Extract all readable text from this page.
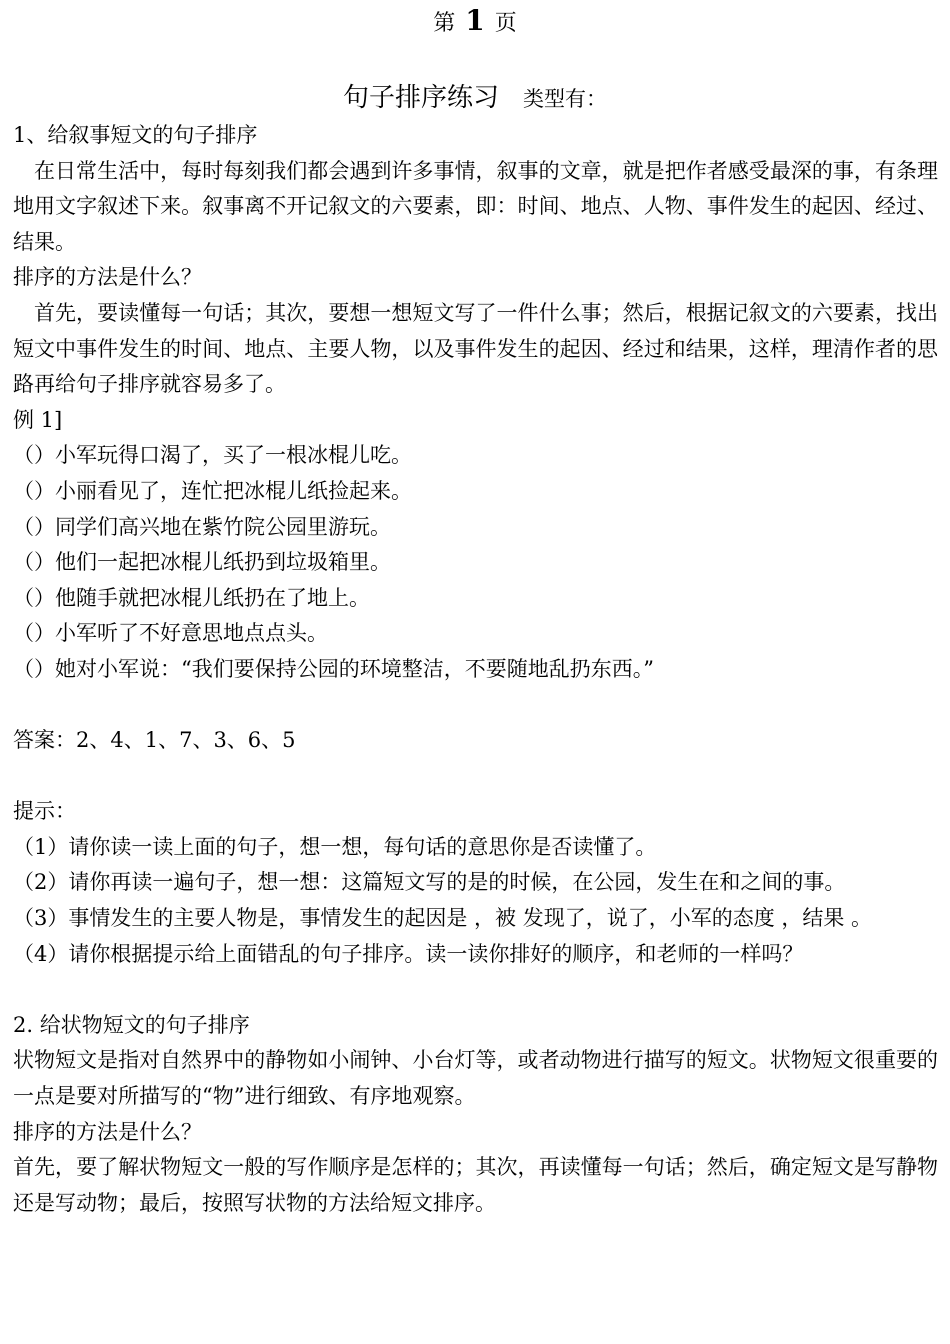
第 1 页
句子排序练习 类型有：

1、给叙事短文的句子排序

在日常生活中，每时每刻我们都会遇到许多事情，叙事的文章，就是把作者感受最深的事，有条理地用文字叙述下来。叙事离不开记叙文的六要素，即：时间、地点、人物、事件发生的起因、经过、结果。

排序的方法是什么？

首先，要读懂每一句话；其次，要想一想短文写了一件什么事；然后，根据记叙文的六要素，找出短文中事件发生的时间、地点、主要人物，以及事件发生的起因、经过和结果，这样，理清作者的思路再给句子排序就容易多了。

例 1]

（）小军玩得口渴了，买了一根冰棍儿吃。

（）小丽看见了，连忙把冰棍儿纸捡起来。

（）同学们高兴地在紫竹院公园里游玩。

（）他们一起把冰棍儿纸扔到垃圾箱里。

（）他随手就把冰棍儿纸扔在了地上。

（）小军听了不好意思地点点头。

（）她对小军说：“我们要保持公园的环境整洁，不要随地乱扔东西。”

答案：2、4、1、7、3、6、5

提示：

（1）请你读一读上面的句子，想一想，每句话的意思你是否读懂了。

（2）请你再读一遍句子，想一想：这篇短文写的是的时候，在公园，发生在和之间的事。

（3）事情发生的主要人物是，事情发生的起因是 ，被 发现了，说了，小军的态度 ，结果 。

（4）请你根据提示给上面错乱的句子排序。读一读你排好的顺序，和老师的一样吗？

2. 给状物短文的句子排序

状物短文是指对自然界中的静物如小闹钟、小台灯等，或者动物进行描写的短文。状物短文很重要的一点是要对所描写的“物”进行细致、有序地观察。

排序的方法是什么？

首先，要了解状物短文一般的写作顺序是怎样的；其次，再读懂每一句话；然后，确定短文是写静物还是写动物；最后，按照写状物的方法给短文排序。
